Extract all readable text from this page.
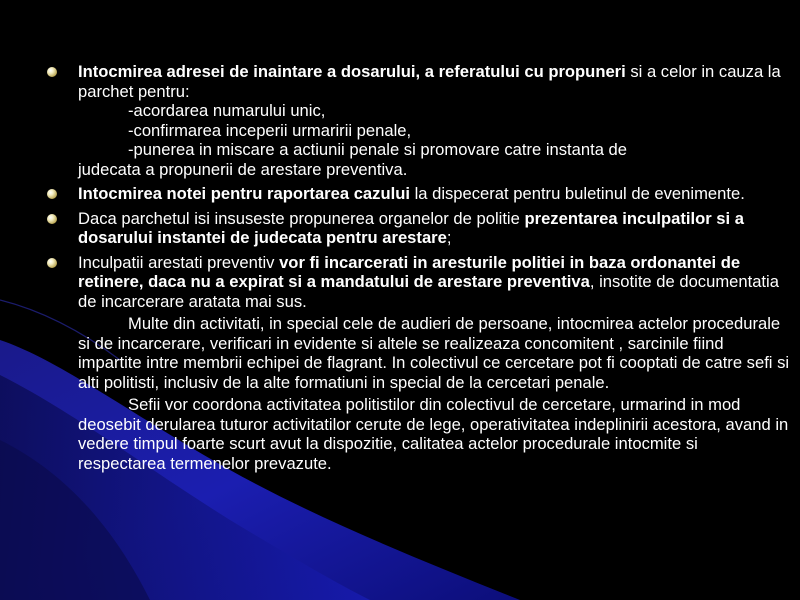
Intocmirea adresei de inaintare a dosarului, a referatului cu propuneri si a celor in cauza la parchet pentru:
-acordarea numarului unic,
-confirmarea inceperii urmaririi penale,
-punerea in miscare a actiunii penale si promovare catre instanta de
judecata a propunerii de arestare preventiva.
Intocmirea notei pentru raportarea cazului la dispecerat pentru buletinul de evenimente.
Daca parchetul isi insuseste propunerea organelor de politie prezentarea inculpatilor si a dosarului instantei de judecata pentru arestare;
Inculpatii arestati preventiv vor fi incarcerati in aresturile politiei in baza ordonantei de retinere, daca nu a expirat si a mandatului de arestare preventiva, insotite de documentatia de incarcerare aratata mai sus.
Multe din activitati, in special cele de audieri de persoane, intocmirea actelor procedurale si de incarcerare, verificari in evidente si altele se realizeaza concomitent , sarcinile fiind impartite intre membrii echipei de flagrant. In colectivul ce cercetare pot fi cooptati de catre sefi si alti politisti, inclusiv de la alte formatiuni in special de la cercetari penale.
Sefii vor coordona activitatea politistilor din colectivul de cercetare, urmarind in mod deosebit derularea tuturor activitatilor cerute de lege, operativitatea indeplinirii acestora, avand in vedere timpul foarte scurt avut la dispozitie, calitatea actelor procedurale intocmite si respectarea termenelor prevazute.
